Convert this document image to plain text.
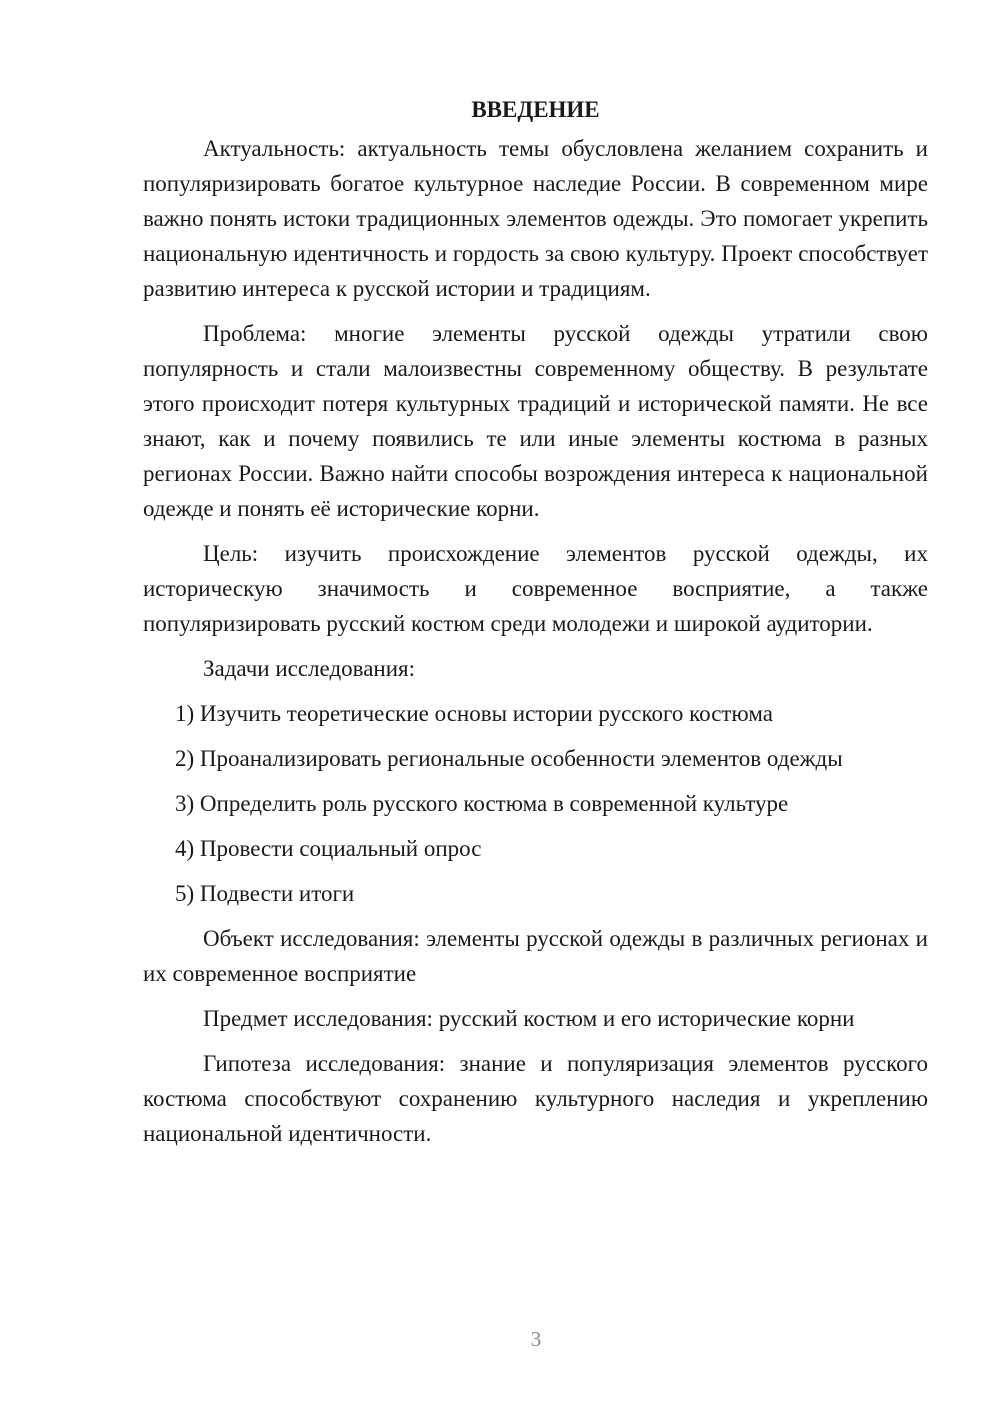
ВВЕДЕНИЕ

Актуальность: актуальность темы обусловлена желанием сохранить и популяризировать богатое культурное наследие России. В современном мире важно понять истоки традиционных элементов одежды. Это помогает укрепить национальную идентичность и гордость за свою культуру. Проект способствует развитию интереса к русской истории и традициям.

Проблема: многие элементы русской одежды утратили свою популярность и стали малоизвестны современному обществу. В результате этого происходит потеря культурных традиций и исторической памяти. Не все знают, как и почему появились те или иные элементы костюма в разных регионах России. Важно найти способы возрождения интереса к национальной одежде и понять её исторические корни.

Цель: изучить происхождение элементов русской одежды, их историческую значимость и современное восприятие, а также популяризировать русский костюм среди молодежи и широкой аудитории.

Задачи исследования:

1) Изучить теоретические основы истории русского костюма
2) Проанализировать региональные особенности элементов одежды
3) Определить роль русского костюма в современной культуре
4) Провести социальный опрос
5) Подвести итоги

Объект исследования: элементы русской одежды в различных регионах и их современное восприятие

Предмет исследования: русский костюм и его исторические корни

Гипотеза исследования: знание и популяризация элементов русского костюма способствуют сохранению культурного наследия и укреплению национальной идентичности.

3
